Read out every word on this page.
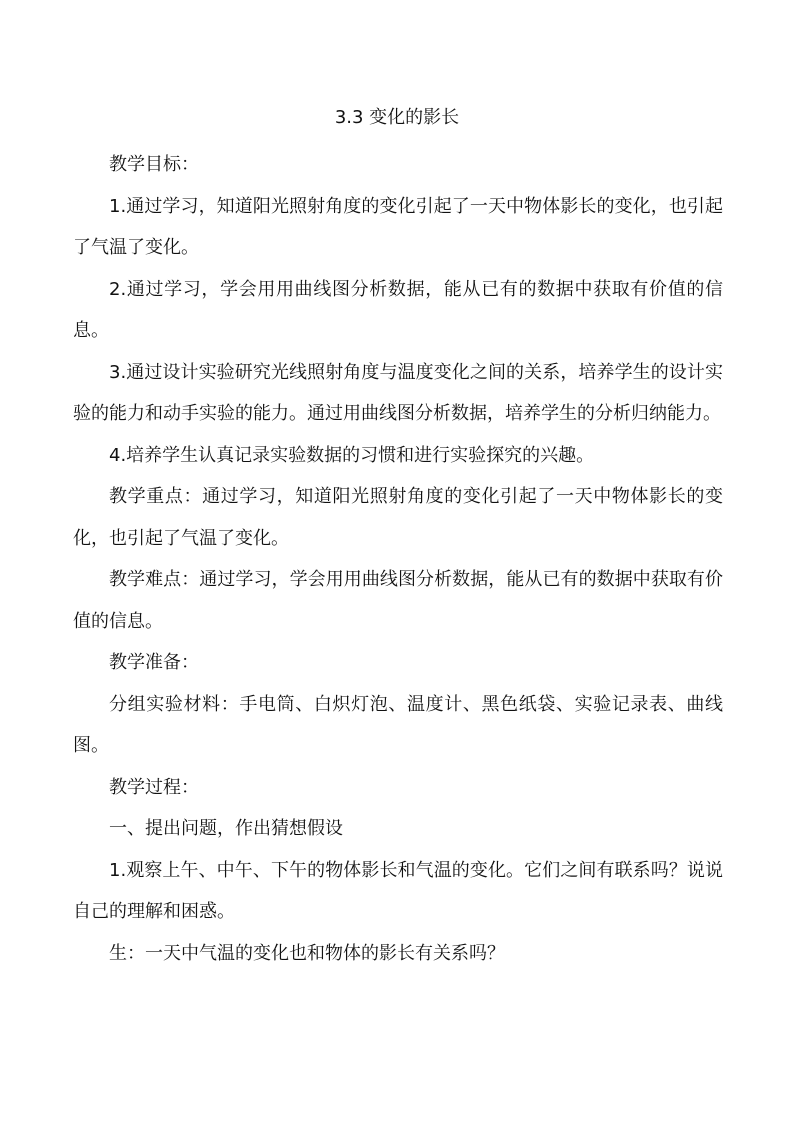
3.3 变化的影长

教学目标：

1.通过学习，知道阳光照射角度的变化引起了一天中物体影长的变化，也引起了气温了变化。

2.通过学习，学会用用曲线图分析数据，能从已有的数据中获取有价值的信息。

3.通过设计实验研究光线照射角度与温度变化之间的关系，培养学生的设计实验的能力和动手实验的能力。通过用曲线图分析数据，培养学生的分析归纳能力。

4.培养学生认真记录实验数据的习惯和进行实验探究的兴趣。

教学重点：通过学习，知道阳光照射角度的变化引起了一天中物体影长的变化，也引起了气温了变化。

教学难点：通过学习，学会用用曲线图分析数据，能从已有的数据中获取有价值的信息。

教学准备：

分组实验材料：手电筒、白炽灯泡、温度计、黑色纸袋、实验记录表、曲线图。

教学过程：

一、提出问题，作出猜想假设

1.观察上午、中午、下午的物体影长和气温的变化。它们之间有联系吗？说说自己的理解和困惑。

生：一天中气温的变化也和物体的影长有关系吗？
